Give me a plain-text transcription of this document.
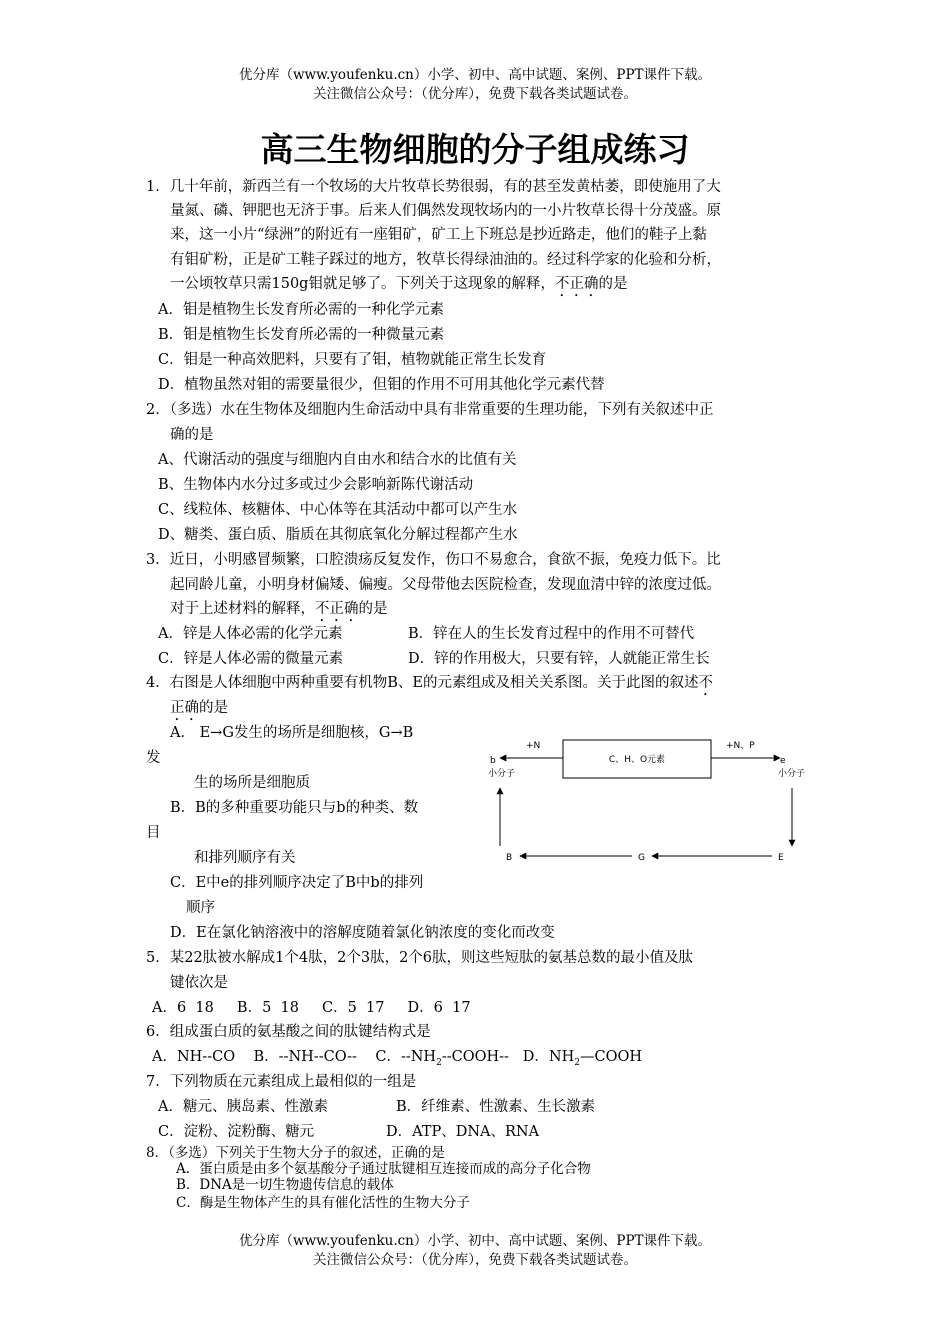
优分库（www.youfenku.cn）小学、初中、高中试题、案例、PPT课件下载。
关注微信公众号：（优分库），免费下载各类试题试卷。
高三生物细胞的分子组成练习
1．几十年前，新西兰有一个牧场的大片牧草长势很弱，有的甚至发黄枯萎，即使施用了大
量氮、磷、钾肥也无济于事。后来人们偶然发现牧场内的一小片牧草长得十分茂盛。原
来，这一小片“绿洲”的附近有一座钼矿，矿工上下班总是抄近路走，他们的鞋子上黏
有钼矿粉，正是矿工鞋子踩过的地方，牧草长得绿油油的。经过科学家的化验和分析，
一公顷牧草只需150g钼就足够了。下列关于这现象的解释，不正确的是
A．钼是植物生长发育所必需的一种化学元素
B．钼是植物生长发育所必需的一种微量元素
C．钼是一种高效肥料，只要有了钼，植物就能正常生长发育
D．植物虽然对钼的需要量很少，但钼的作用不可用其他化学元素代替
2．（多选）水在生物体及细胞内生命活动中具有非常重要的生理功能，下列有关叙述中正
确的是
A、代谢活动的强度与细胞内自由水和结合水的比值有关
B、生物体内水分过多或过少会影响新陈代谢活动
C、线粒体、核糖体、中心体等在其活动中都可以产生水
D、糖类、蛋白质、脂质在其彻底氧化分解过程都产生水
3．近日，小明感冒频繁，口腔溃疡反复发作，伤口不易愈合，食欲不振，免疫力低下。比
起同龄儿童，小明身材偏矮、偏瘦。父母带他去医院检查，发现血清中锌的浓度过低。
对于上述材料的解释，不正确的是
A．锌是人体必需的化学元素	B．锌在人的生长发育过程中的作用不可替代
C．锌是人体必需的微量元素	D．锌的作用极大，只要有锌，人就能正常生长
4．右图是人体细胞中两种重要有机物B、E的元素组成及相关关系图。关于此图的叙述不
正确的是
A． E→G发生的场所是细胞核，G→B
发
生的场所是细胞质
B．B的多种重要功能只与b的种类、数
目
和排列顺序有关
C．E中e的排列顺序决定了B中b的排列
顺序
D．E在氯化钠溶液中的溶解度随着氯化钠浓度的变化而改变
C、H、O元素
+N	+N、P
b
小分子
e
小分子
B	G	E
5．某22肽被水解成1个4肽，2个3肽，2个6肽，则这些短肽的氨基总数的最小值及肽
键依次是
A．6  18     B．5  18     C．5  17     D．6  17
6．组成蛋白质的氨基酸之间的肽键结构式是
A．NH--CO    B．--NH--CO--    C．$--NH_2--COOH--$   D．$NH_2—COOH$
7．下列物质在元素组成上最相似的一组是
A．糖元、胰岛素、性激素	B．纤维素、性激素、生长激素
C．淀粉、淀粉酶、糖元	D．ATP、DNA、RNA
8．（多选）下列关于生物大分子的叙述，正确的是
A．蛋白质是由多个氨基酸分子通过肽键相互连接而成的高分子化合物
B．DNA是一切生物遗传信息的载体
C．酶是生物体产生的具有催化活性的生物大分子
优分库（www.youfenku.cn）小学、初中、高中试题、案例、PPT课件下载。
关注微信公众号：（优分库），免费下载各类试题试卷。
